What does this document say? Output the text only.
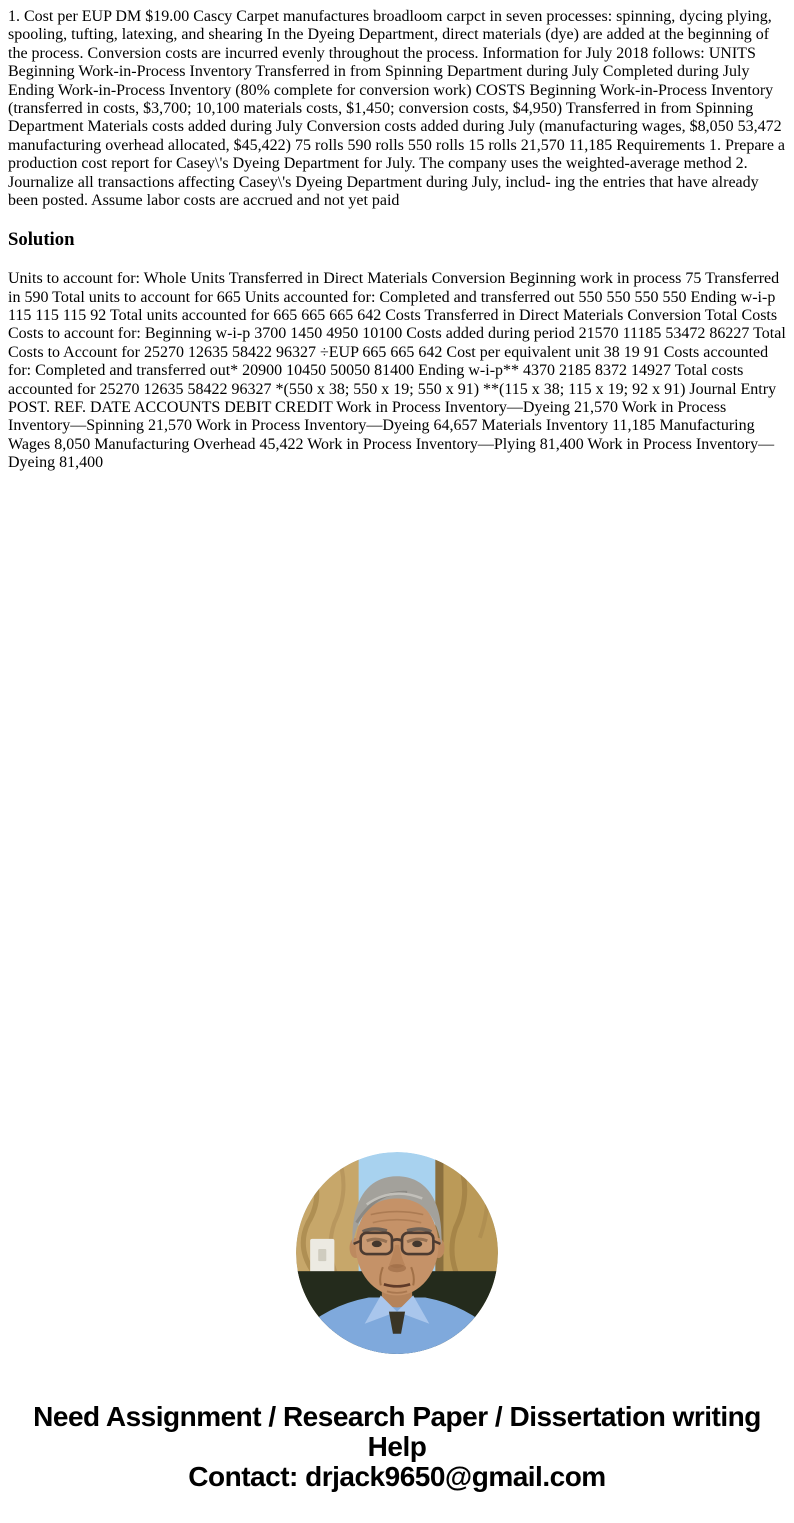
1. Cost per EUP DM $19.00 Cascy Carpet manufactures broadloom carpct in seven processes: spinning, dycing plying, spooling, tufting, latexing, and shearing In the Dyeing Department, direct materials (dye) are added at the beginning of the process. Conversion costs are incurred evenly throughout the process. Information for July 2018 follows: UNITS Beginning Work-in-Process Inventory Transferred in from Spinning Department during July Completed during July Ending Work-in-Process Inventory (80% complete for conversion work) COSTS Beginning Work-in-Process Inventory (transferred in costs, $3,700; 10,100 materials costs, $1,450; conversion costs, $4,950) Transferred in from Spinning Department Materials costs added during July Conversion costs added during July (manufacturing wages, $8,050 53,472 manufacturing overhead allocated, $45,422) 75 rolls 590 rolls 550 rolls 15 rolls 21,570 11,185 Requirements 1. Prepare a production cost report for Casey\'s Dyeing Department for July. The company uses the weighted-average method 2. Journalize all transactions affecting Casey\'s Dyeing Department during July, includ- ing the entries that have already been posted. Assume labor costs are accrued and not yet paid

Solution

Units to account for: Whole Units Transferred in Direct Materials Conversion Beginning work in process 75 Transferred in 590 Total units to account for 665 Units accounted for: Completed and transferred out 550 550 550 550 Ending w-i-p 115 115 115 92 Total units accounted for 665 665 665 642 Costs Transferred in Direct Materials Conversion Total Costs Costs to account for: Beginning w-i-p 3700 1450 4950 10100 Costs added during period 21570 11185 53472 86227 Total Costs to Account for 25270 12635 58422 96327 ÷EUP 665 665 642 Cost per equivalent unit 38 19 91 Costs accounted for: Completed and transferred out* 20900 10450 50050 81400 Ending w-i-p** 4370 2185 8372 14927 Total costs accounted for 25270 12635 58422 96327 *(550 x 38; 550 x 19; 550 x 91) **(115 x 38; 115 x 19; 92 x 91) Journal Entry POST. REF. DATE ACCOUNTS DEBIT CREDIT Work in Process Inventory—Dyeing 21,570 Work in Process Inventory—Spinning 21,570 Work in Process Inventory—Dyeing 64,657 Materials Inventory 11,185 Manufacturing Wages 8,050 Manufacturing Overhead 45,422 Work in Process Inventory—Plying 81,400 Work in Process Inventory—Dyeing 81,400

Need Assignment / Research Paper / Dissertation writing Help
Contact: drjack9650@gmail.com
